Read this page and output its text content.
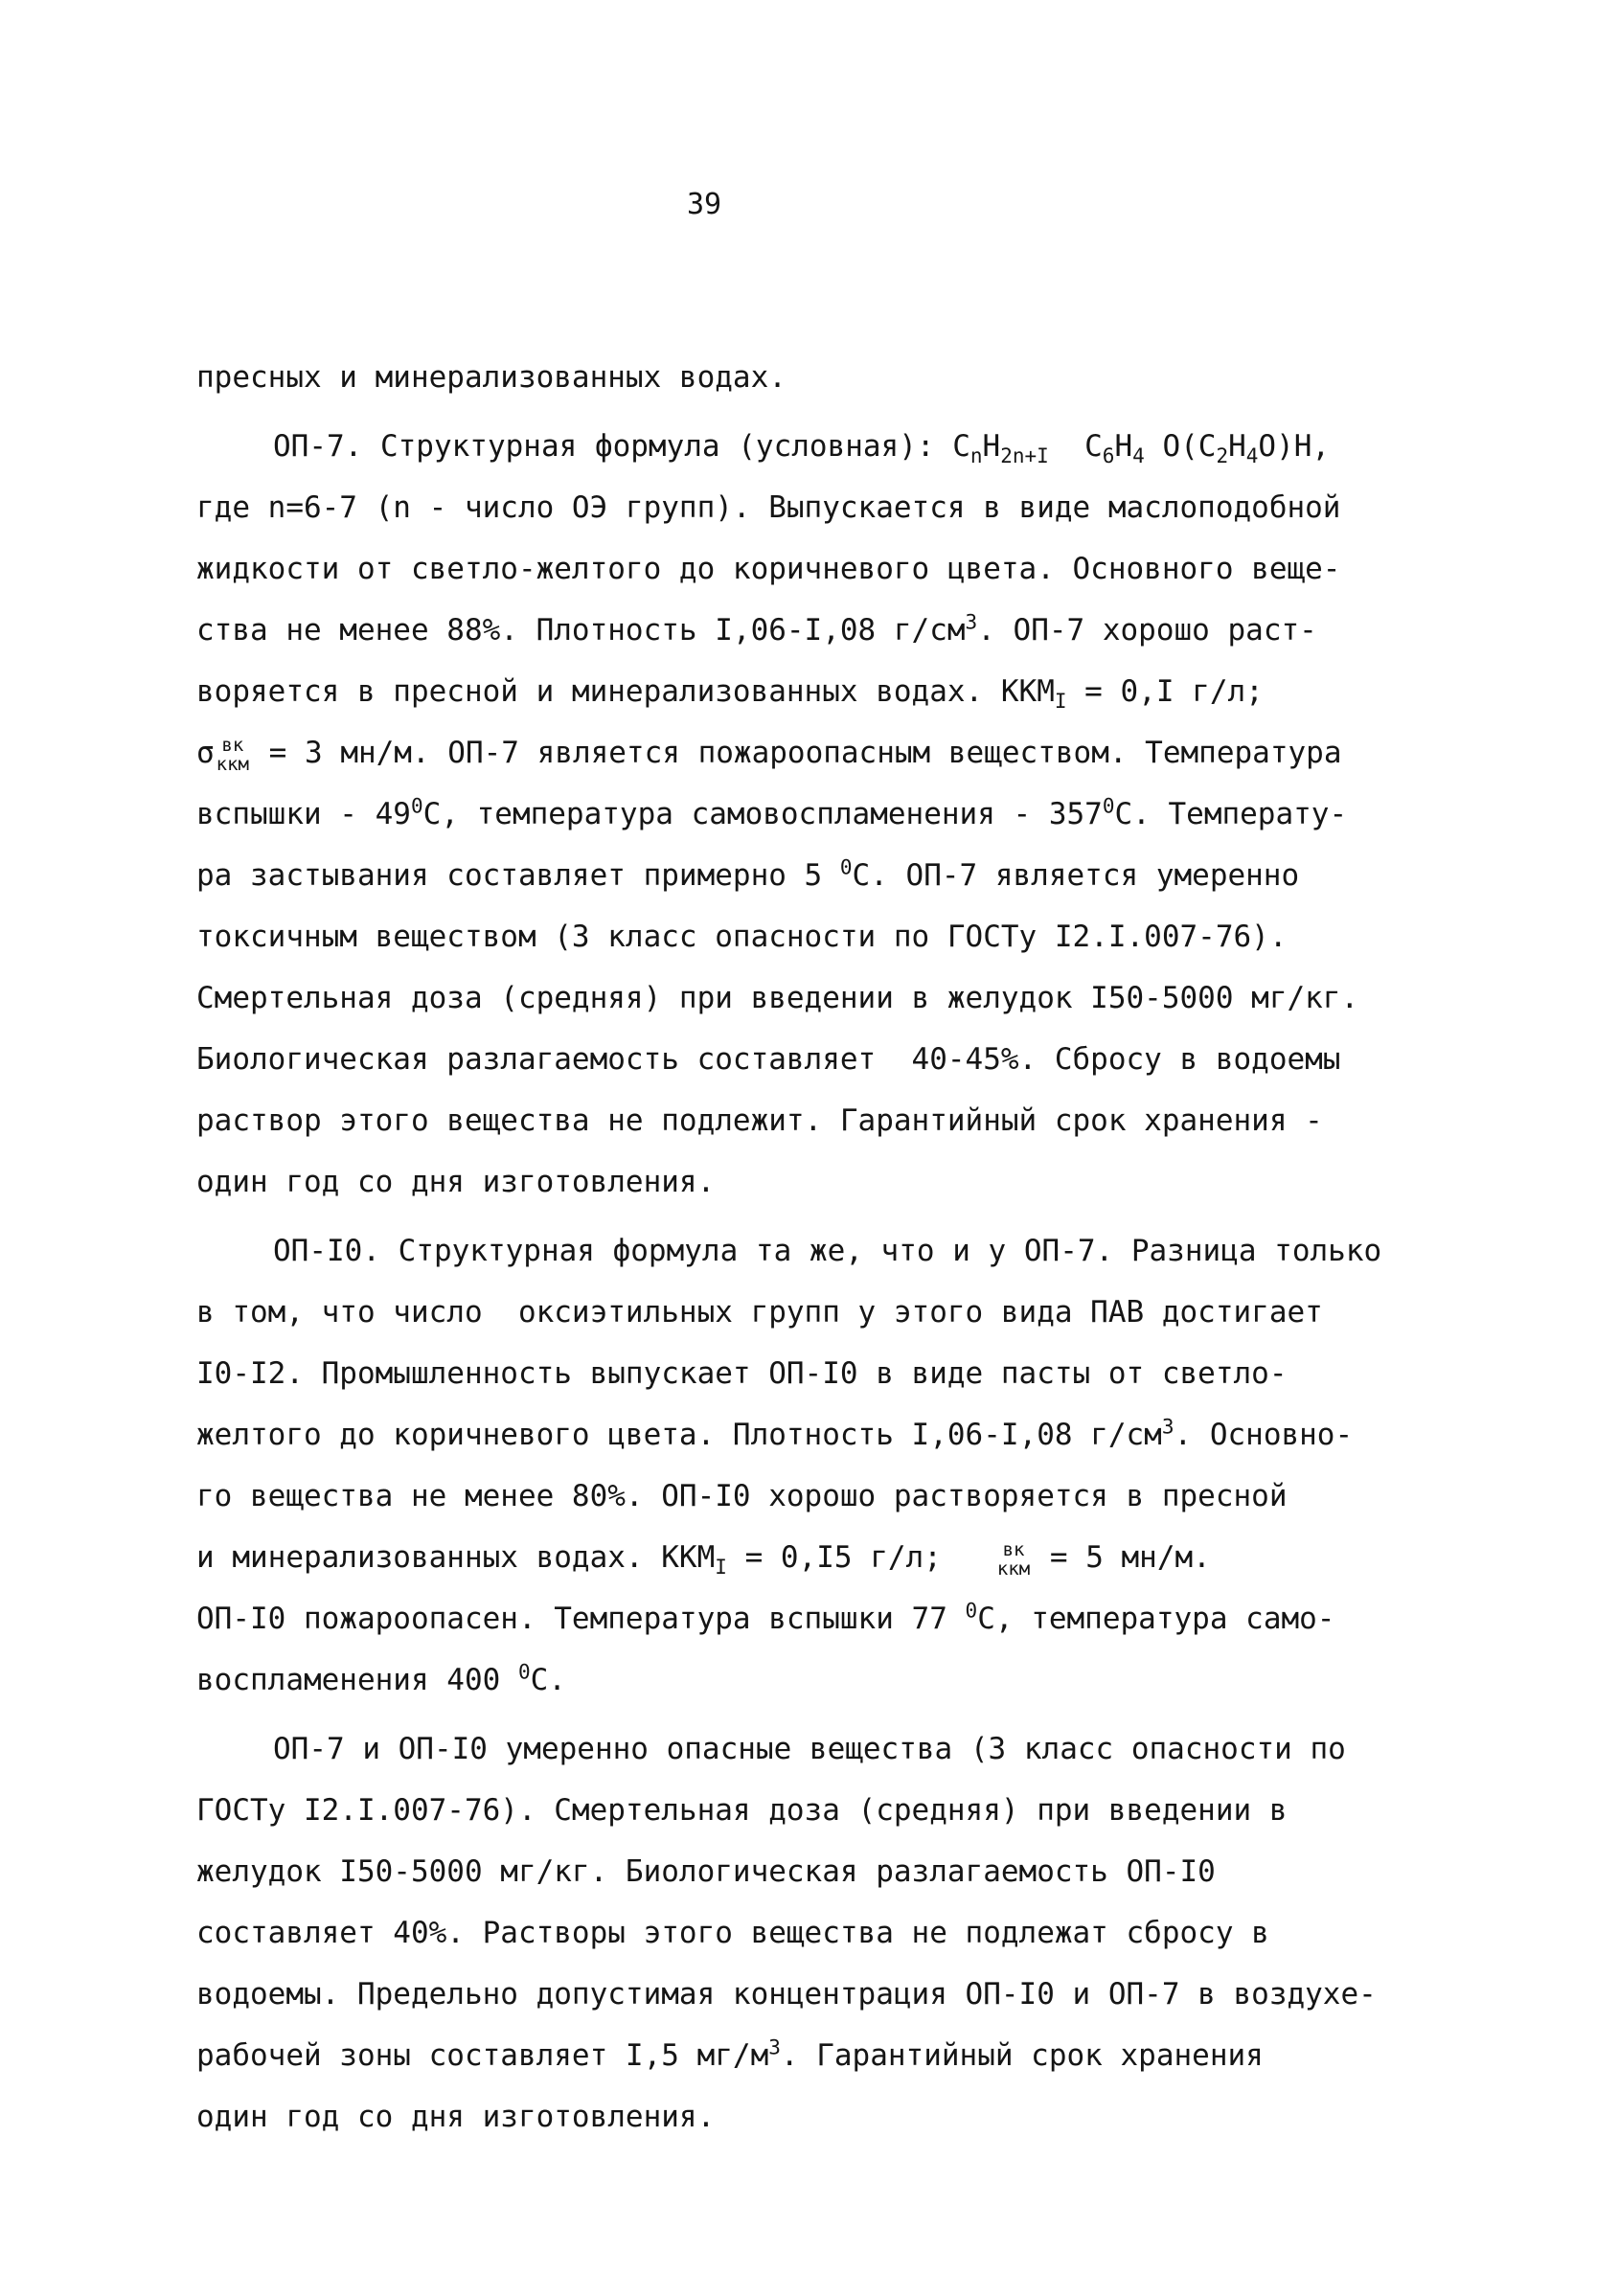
39
пресных и минерализованных водах.
ОП-7. Структурная формула (условная): $C_nH_{2n+I}$ $C_6H_4$ $O(C_2H_4O)H$,
где n=6-7 (n - число ОЭ групп). Выпускается в виде маслоподобной
жидкости от светло-желтого до коричневого цвета. Основного веще-
ства не менее 88%. Плотность I,06-I,08 $г/см^3$. ОП-7 хорошо раст-
воряется в пресной и минерализованных водах. $ККМ_I = 0,I$ г/л;
σ вк
ккм = 3 мн/м. ОП-7 является пожароопасным веществом. Температура
вспышки - $49^0С$, температура самовоспламенения - $357^0С$. Температу-
ра застывания составляет примерно 5 $^0$С. ОП-7 является умеренно
токсичным веществом (3 класс опасности по ГОСТу I2.I.007-76).
Смертельная доза (средняя) при введении в желудок I50-5000 мг/кг.
Биологическая разлагаемость составляет  40-45%. Сбросу в водоемы
раствор этого вещества не подлежит. Гарантийный срок хранения -
один год со дня изготовления.
ОП-I0. Структурная формула та же, что и у ОП-7. Разница только
в том, что число  оксиэтильных групп у этого вида ПАВ достигает
I0-I2. Промышленность выпускает ОП-I0 в виде пасты от светло-
желтого до коричневого цвета. Плотность I,06-I,08 $г/см^3$. Основно-
го вещества не менее 80%. ОП-I0 хорошо растворяется в пресной
и минерализованных водах. $ККМ_I = 0,I5$ г/л; вк
ккм = 5 мн/м.
ОП-I0 пожароопасен. Температура вспышки 77 $^0$С, температура само-
воспламенения 400 $^0$С.
ОП-7 и ОП-I0 умеренно опасные вещества (3 класс опасности по
ГОСТу I2.I.007-76). Смертельная доза (средняя) при введении в
желудок I50-5000 мг/кг. Биологическая разлагаемость ОП-I0
составляет 40%. Растворы этого вещества не подлежат сбросу в
водоемы. Предельно допустимая концентрация ОП-I0 и ОП-7 в воздухе-
рабочей зоны составляет I,5 $мг/м^3$. Гарантийный срок хранения
один год со дня изготовления.
